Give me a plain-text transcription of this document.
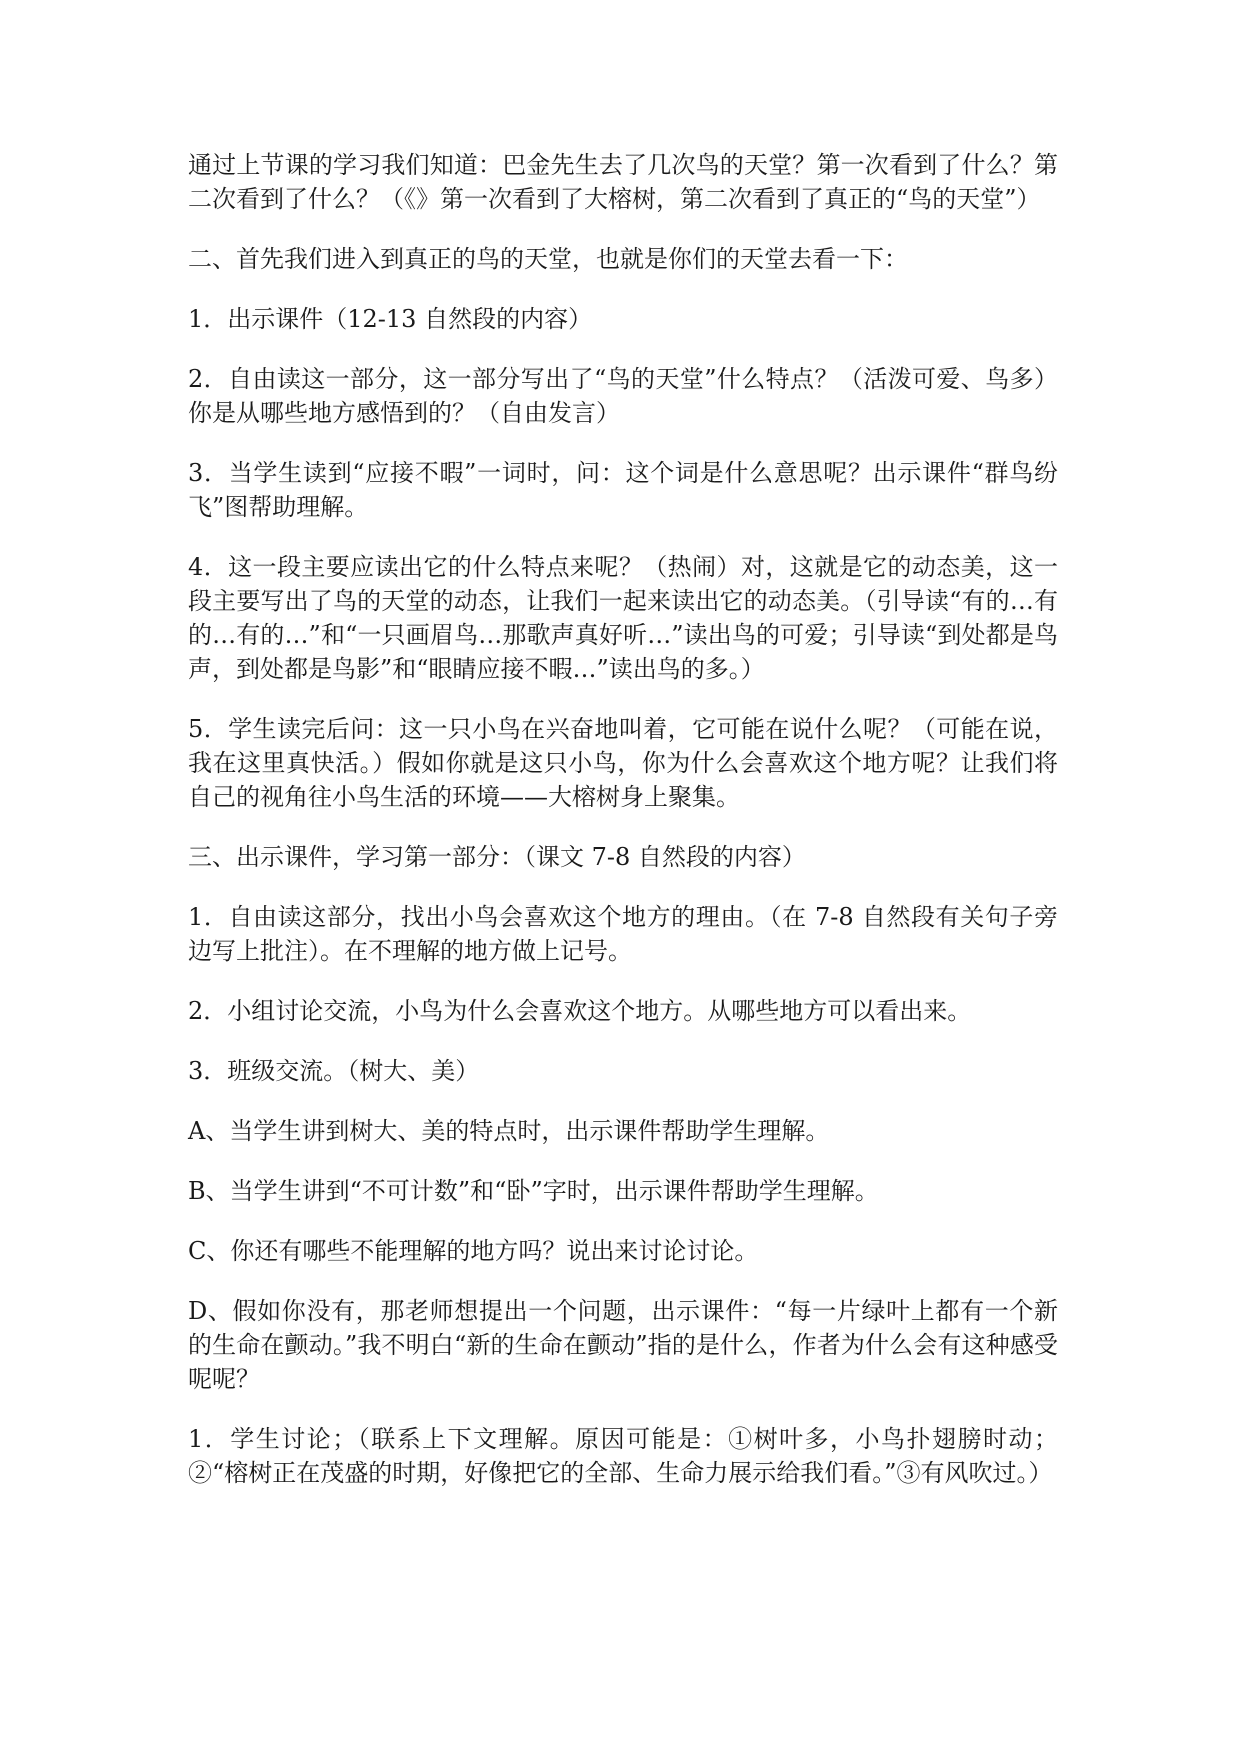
通过上节课的学习我们知道：巴金先生去了几次鸟的天堂？第一次看到了什么？第二次看到了什么？（《》第一次看到了大榕树，第二次看到了真正的“鸟的天堂”）

二、首先我们进入到真正的鸟的天堂，也就是你们的天堂去看一下：

1．出示课件（12-13 自然段的内容）

2．自由读这一部分，这一部分写出了“鸟的天堂”什么特点？（活泼可爱、鸟多）你是从哪些地方感悟到的？（自由发言）

3．当学生读到“应接不暇”一词时，问：这个词是什么意思呢？出示课件“群鸟纷飞”图帮助理解。

4．这一段主要应读出它的什么特点来呢？（热闹）对，这就是它的动态美，这一段主要写出了鸟的天堂的动态，让我们一起来读出它的动态美。（引导读“有的…有的…有的…”和“一只画眉鸟…那歌声真好听…”读出鸟的可爱；引导读“到处都是鸟声，到处都是鸟影”和“眼睛应接不暇…”读出鸟的多。）

5．学生读完后问：这一只小鸟在兴奋地叫着，它可能在说什么呢？（可能在说，我在这里真快活。）假如你就是这只小鸟，你为什么会喜欢这个地方呢？让我们将自己的视角往小鸟生活的环境——大榕树身上聚集。

三、出示课件，学习第一部分：（课文 7-8 自然段的内容）

1．自由读这部分，找出小鸟会喜欢这个地方的理由。（在 7-8 自然段有关句子旁边写上批注）。在不理解的地方做上记号。

2．小组讨论交流，小鸟为什么会喜欢这个地方。从哪些地方可以看出来。

3．班级交流。（树大、美）

A、当学生讲到树大、美的特点时，出示课件帮助学生理解。

B、当学生讲到“不可计数”和“卧”字时，出示课件帮助学生理解。

C、你还有哪些不能理解的地方吗？说出来讨论讨论。

D、假如你没有，那老师想提出一个问题，出示课件：“每一片绿叶上都有一个新的生命在颤动。”我不明白“新的生命在颤动”指的是什么，作者为什么会有这种感受呢呢？

1．学生讨论；（联系上下文理解。原因可能是：①树叶多，小鸟扑翅膀时动；②“榕树正在茂盛的时期，好像把它的全部、生命力展示给我们看。”③有风吹过。）
